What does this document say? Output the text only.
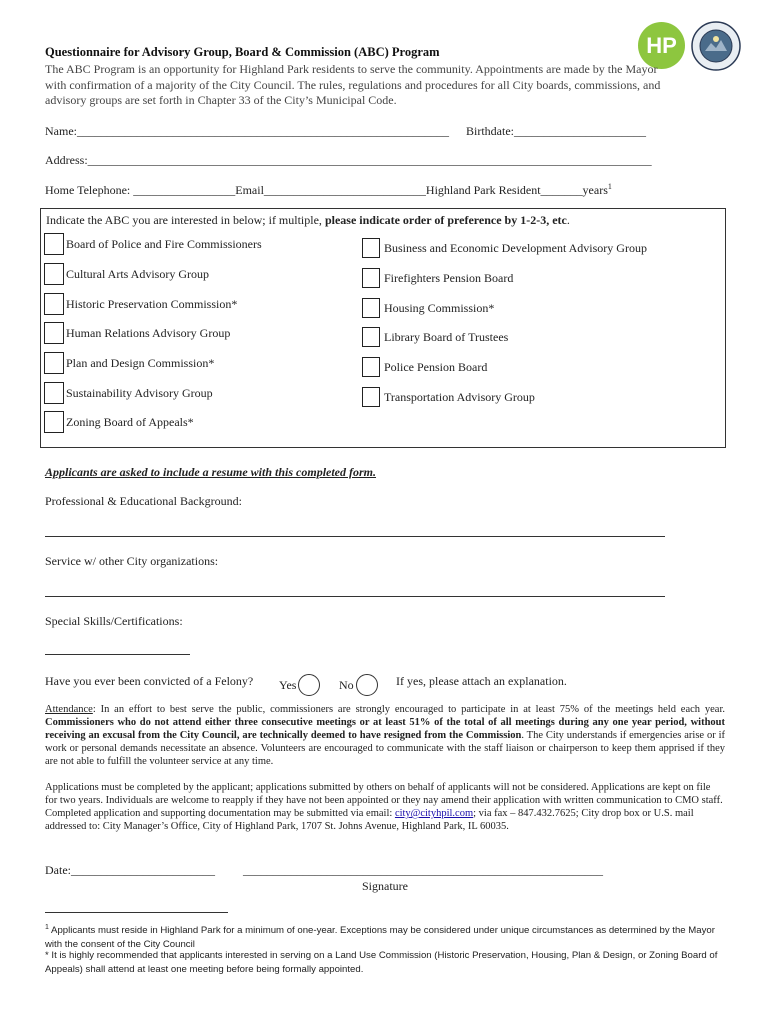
HP
Questionnaire for Advisory Group, Board & Commission (ABC) Program
The ABC Program is an opportunity for Highland Park residents to serve the community. Appointments are made by the Mayor with confirmation of a majority of the City Council. The rules, regulations and procedures for all City boards, commissions, and advisory groups are set forth in Chapter 33 of the City’s Municipal Code.
Name:______________________________________________________________ Birthdate:______________________
Address:______________________________________________________________________________________________
Home Telephone: _________________Email___________________________Highland Park Resident_______years$^1$
Indicate the ABC you are interested in below; if multiple, please indicate order of preference by 1-2-3, etc.
Board of Police and Fire Commissioners
Cultural Arts Advisory Group
Historic Preservation Commission*
Human Relations Advisory Group
Plan and Design Commission*
Sustainability Advisory Group
Zoning Board of Appeals*
Business and Economic Development Advisory Group
Firefighters Pension Board
Housing Commission*
Library Board of Trustees
Police Pension Board
Transportation Advisory Group
Applicants are asked to include a resume with this completed form.
Professional & Educational Background:
Service w/ other City organizations:
Special Skills/Certifications:
Have you ever been convicted of a Felony? Yes	No	If yes, please attach an explanation.
Attendance: In an effort to best serve the public, commissioners are strongly encouraged to participate in at least 75% of the meetings held each year. Commissioners who do not attend either three consecutive meetings or at least 51% of the total of all meetings during any one year period, without receiving an excusal from the City Council, are technically deemed to have resigned from the Commission. The City understands if emergencies arise or if work or personal demands necessitate an absence. Volunteers are encouraged to communicate with the staff liaison or chairperson to keep them apprised if they are not able to fulfill the volunteer service at any time.
Applications must be completed by the applicant; applications submitted by others on behalf of applicants will not be considered. Applications are kept on file for two years. Individuals are welcome to reapply if they have not been appointed or they nay amend their application with written communication to CMO staff. Completed application and supporting documentation may be submitted via email: city@cityhpil.com; via fax – 847.432.7625; City drop box or U.S. mail addressed to: City Manager’s Office, City of Highland Park, 1707 St. Johns Avenue, Highland Park, IL 60035.
Date:________________________ ____________________________________________________________
Signature
$^1$ Applicants must reside in Highland Park for a minimum of one-year. Exceptions may be considered under unique circumstances as determined by the Mayor with the consent of the City Council
* It is highly recommended that applicants interested in serving on a Land Use Commission (Historic Preservation, Housing, Plan & Design, or Zoning Board of Appeals) shall attend at least one meeting before being formally appointed.
